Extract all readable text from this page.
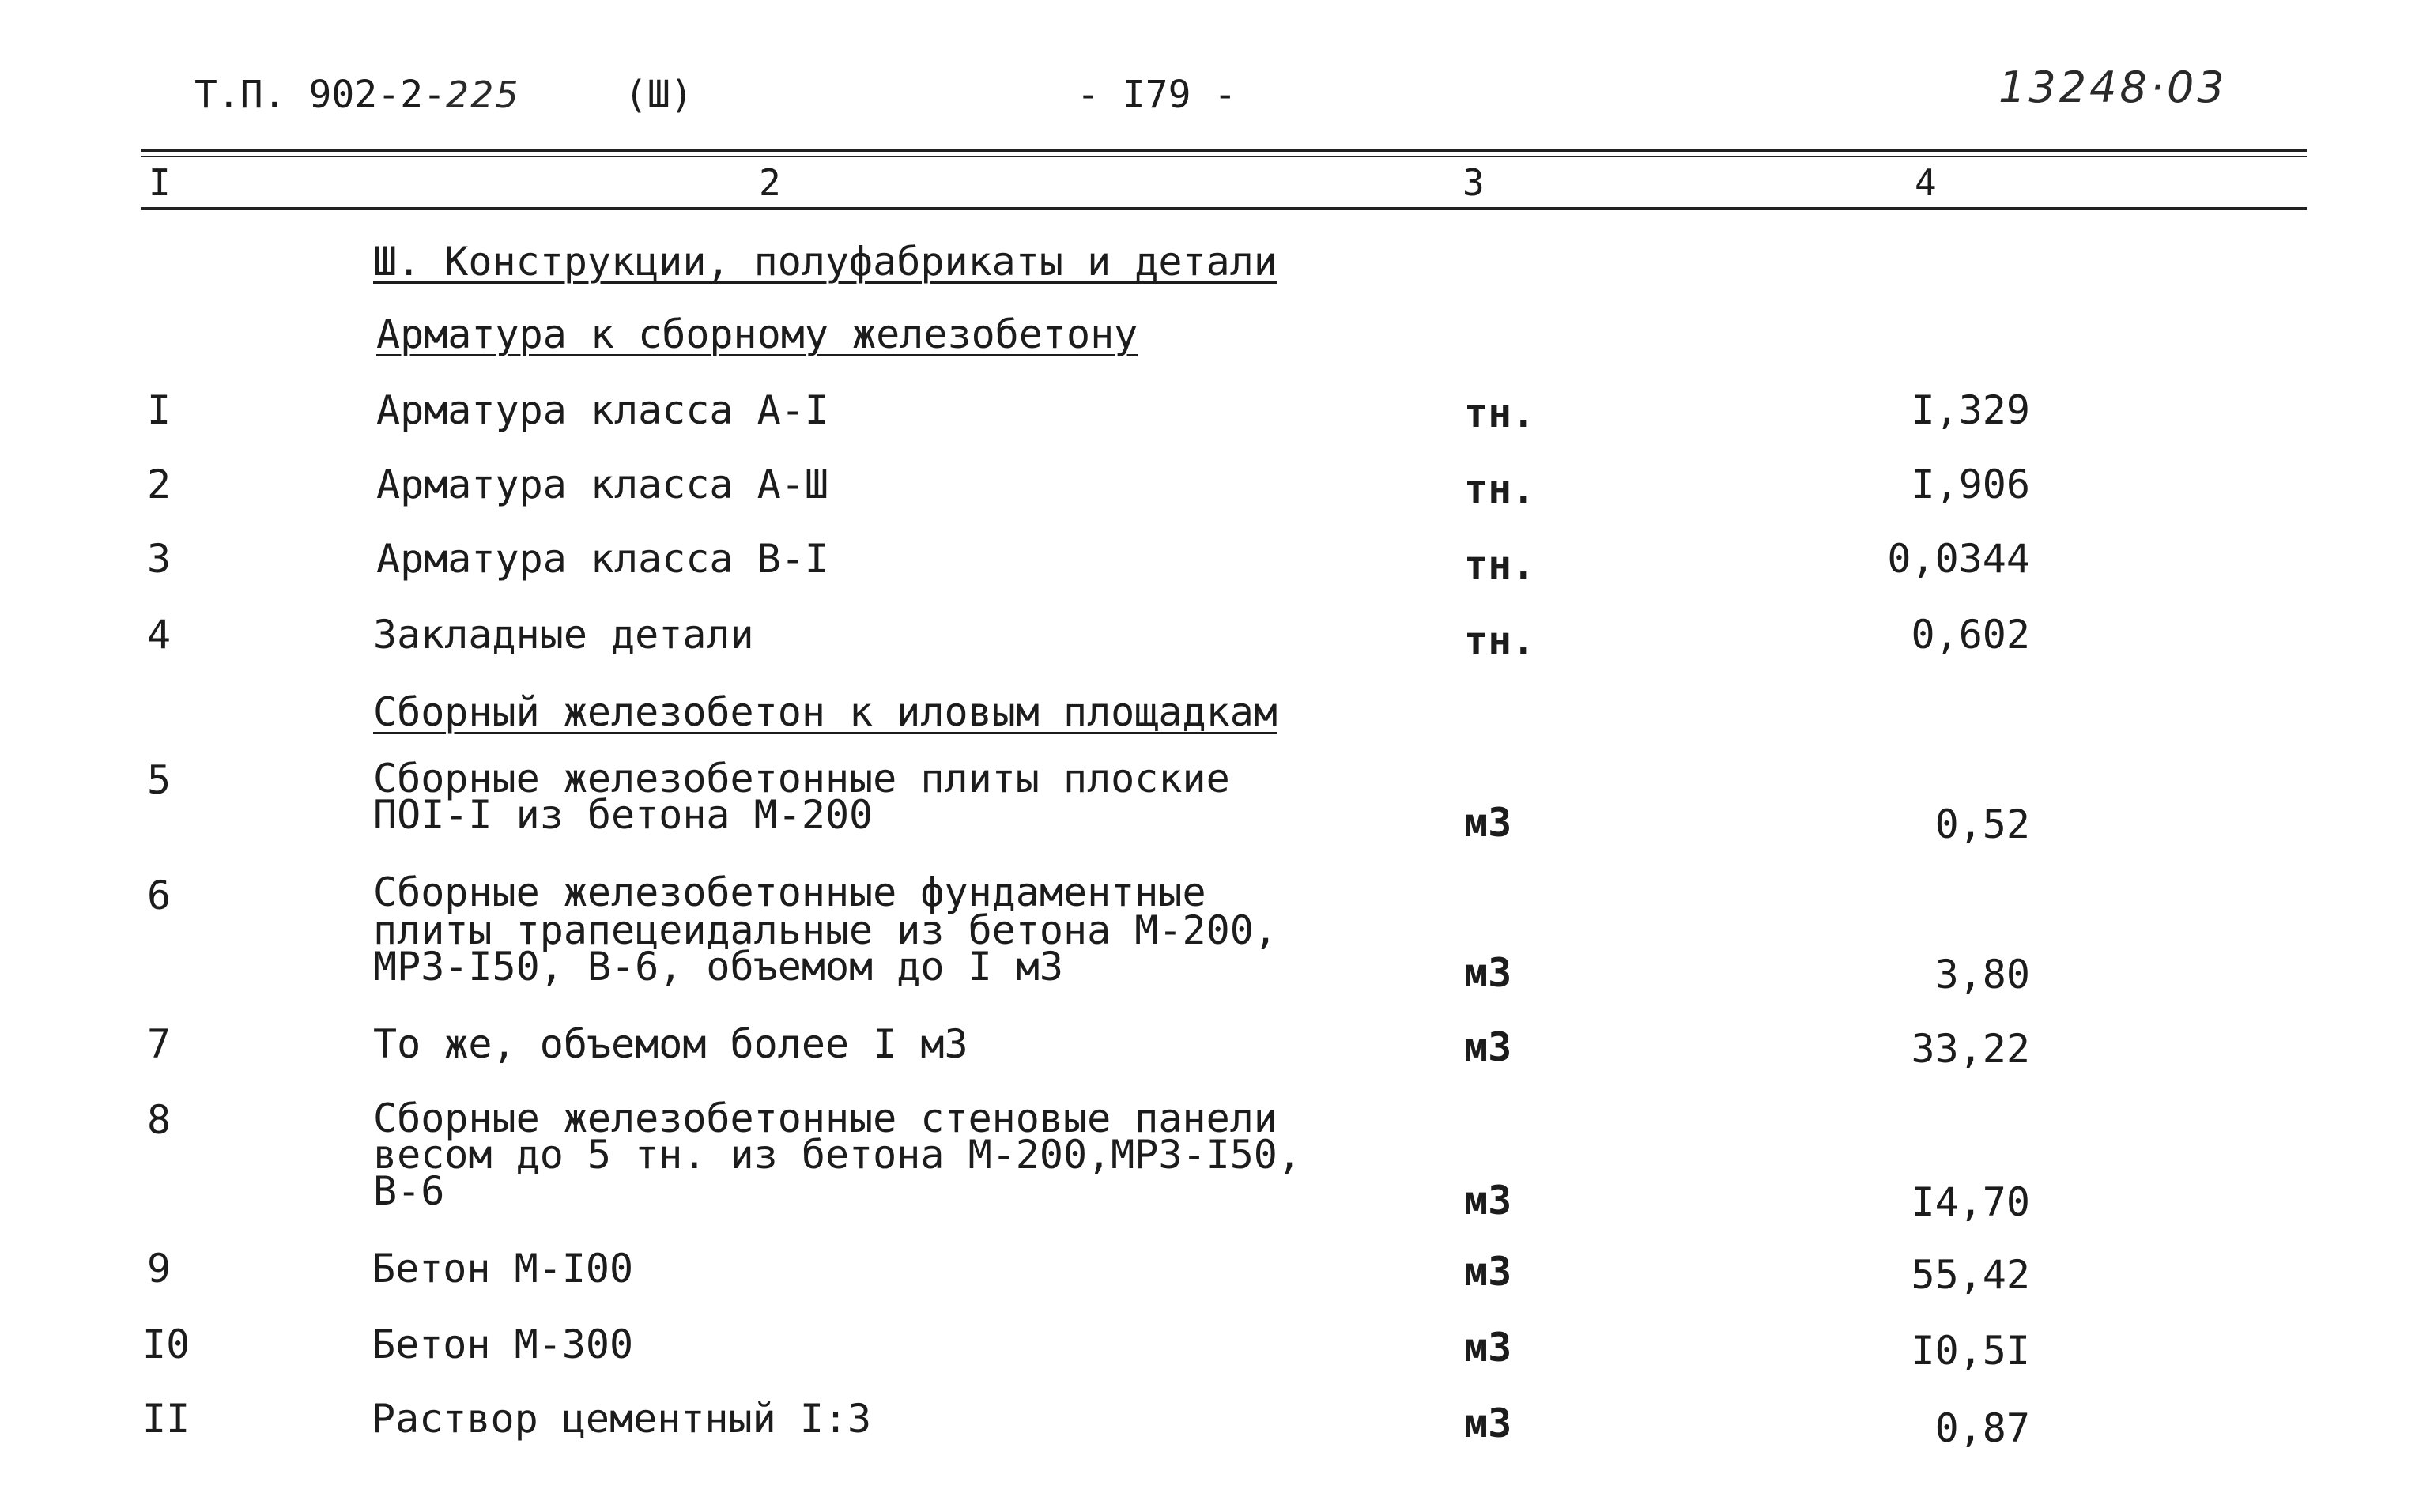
Т.П. 902-2-225	(Ш)	- I79 -	13248·03
I	2	3	4
Ш. Конструкции, полуфабрикаты и детали
Арматура к сборному железобетону
I	Арматура класса А-I	тн.	I,329
2	Арматура класса А-Ш	тн.	I,906
3	Арматура класса В-I	тн.	0,0344
4	Закладные детали	тн.	0,602
Сборный железобетон к иловым площадкам
5	Сборные железобетонные плиты плоские
ПОI-I из бетона М-200	м3	0,52
6	Сборные железобетонные фундаментные
плиты трапецеидальные из бетона М-200,
МРЗ-I50, В-6, объемом до I м3	м3	3,80
7	То же, объемом более I м3	м3	33,22
8	Сборные железобетонные стеновые панели
весом до 5 тн. из бетона М-200,МРЗ-I50,
В-6	м3	I4,70
9	Бетон М-I00	м3	55,42
I0	Бетон М-300	м3	I0,5I
II	Раствор цементный I:3	м3	0,87
